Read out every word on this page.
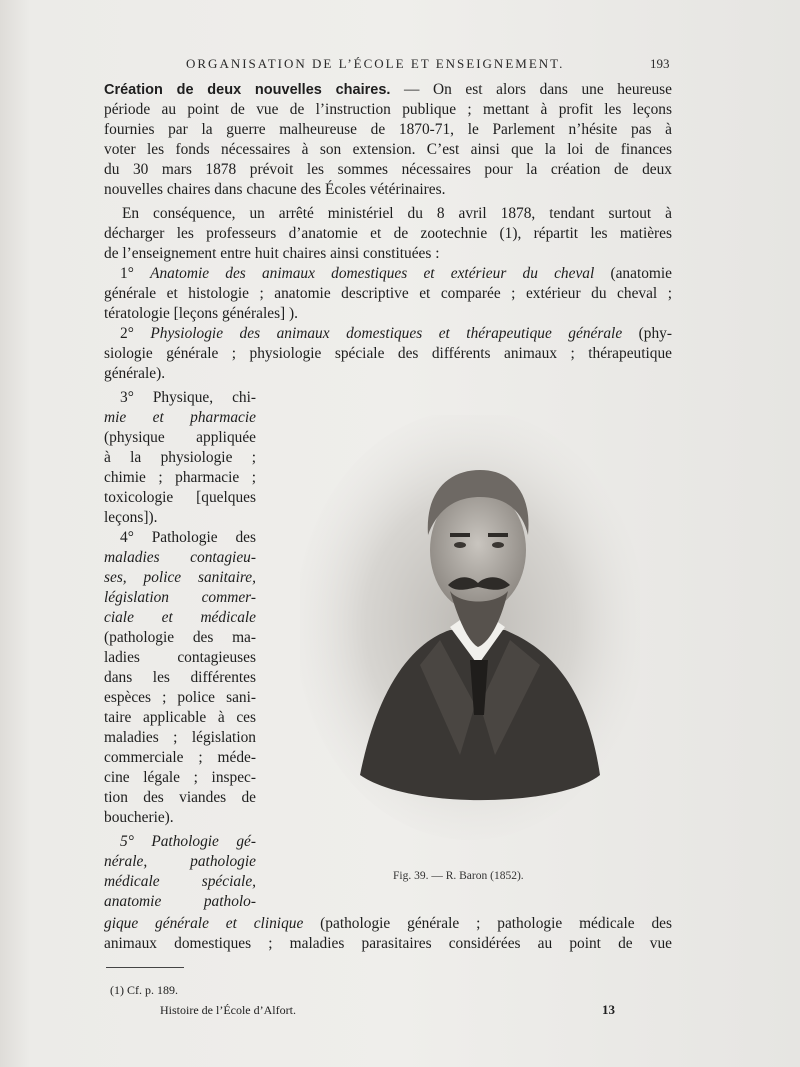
ORGANISATION DE L’ÉCOLE ET ENSEIGNEMENT.	193
Création de deux nouvelles chaires. — On est alors dans une heureuse
période au point de vue de l’instruction publique ; mettant à profit les leçons
fournies par la guerre malheureuse de 1870-71, le Parlement n’hésite pas à
voter les fonds nécessaires à son extension. C’est ainsi que la loi de finances
du 30 mars 1878 prévoit les sommes nécessaires pour la création de deux
nouvelles chaires dans chacune des Écoles vétérinaires.
En conséquence, un arrêté ministériel du 8 avril 1878, tendant surtout à
décharger les professeurs d’anatomie et de zootechnie (1), répartit les matières
de l’enseignement entre huit chaires ainsi constituées :
1° Anatomie des animaux domestiques et extérieur du cheval (anatomie
générale et histologie ; anatomie descriptive et comparée ; extérieur du cheval ;
tératologie [leçons générales] ).
2° Physiologie des animaux domestiques et thérapeutique générale (phy-
siologie générale ; physiologie spéciale des différents animaux ; thérapeutique
générale).
3° Physique, chi-
mie et pharmacie
(physique appliquée
à la physiologie ;
chimie ; pharmacie ;
toxicologie [quelques
leçons]).
4° Pathologie des
maladies contagieu-
ses, police sanitaire,
législation commer-
ciale et médicale
(pathologie des ma-
ladies contagieuses
dans les différentes
espèces ; police sani-
taire applicable à ces
maladies ; législation
commerciale ; méde-
cine légale ; inspec-
tion des viandes de
boucherie).
5° Pathologie gé-
nérale, pathologie
médicale spéciale,
anatomie patholo-
gique générale et clinique (pathologie générale ; pathologie médicale des
animaux domestiques ; maladies parasitaires considérées au point de vue
Fig. 39. — R. Baron (1852).
(1) Cf. p. 189.
Histoire de l’École d’Alfort.	13
